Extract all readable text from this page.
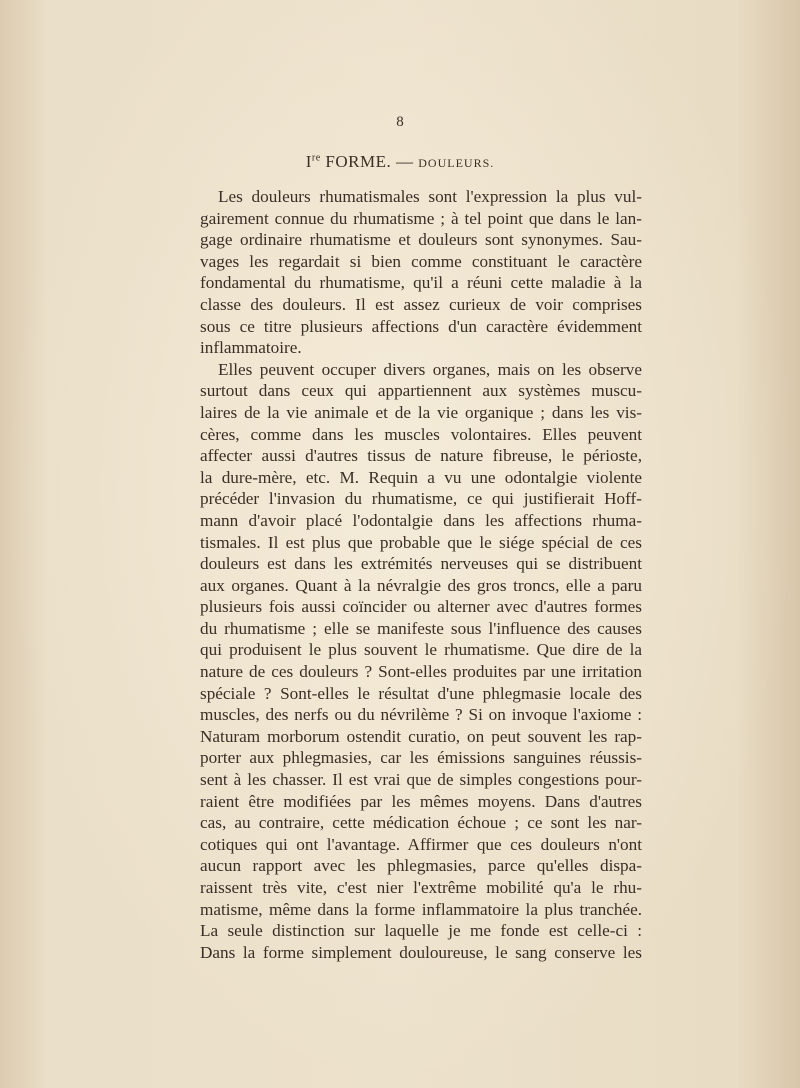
8
Ire FORME. — DOULEURS.
Les douleurs rhumatismales sont l'expression la plus vul-
gairement connue du rhumatisme ; à tel point que dans le lan-
gage ordinaire rhumatisme et douleurs sont synonymes. Sau-
vages les regardait si bien comme constituant le caractère
fondamental du rhumatisme, qu'il a réuni cette maladie à la
classe des douleurs. Il est assez curieux de voir comprises
sous ce titre plusieurs affections d'un caractère évidemment
inflammatoire.
Elles peuvent occuper divers organes, mais on les observe
surtout dans ceux qui appartiennent aux systèmes muscu-
laires de la vie animale et de la vie organique ; dans les vis-
cères, comme dans les muscles volontaires. Elles peuvent
affecter aussi d'autres tissus de nature fibreuse, le périoste,
la dure-mère, etc. M. Requin a vu une odontalgie violente
précéder l'invasion du rhumatisme, ce qui justifierait Hoff-
mann d'avoir placé l'odontalgie dans les affections rhuma-
tismales. Il est plus que probable que le siége spécial de ces
douleurs est dans les extrémités nerveuses qui se distribuent
aux organes. Quant à la névralgie des gros troncs, elle a paru
plusieurs fois aussi coïncider ou alterner avec d'autres formes
du rhumatisme ; elle se manifeste sous l'influence des causes
qui produisent le plus souvent le rhumatisme. Que dire de la
nature de ces douleurs ? Sont-elles produites par une irritation
spéciale ? Sont-elles le résultat d'une phlegmasie locale des
muscles, des nerfs ou du névrilème ? Si on invoque l'axiome :
Naturam morborum ostendit curatio, on peut souvent les rap-
porter aux phlegmasies, car les émissions sanguines réussis-
sent à les chasser. Il est vrai que de simples congestions pour-
raient être modifiées par les mêmes moyens. Dans d'autres
cas, au contraire, cette médication échoue ; ce sont les nar-
cotiques qui ont l'avantage. Affirmer que ces douleurs n'ont
aucun rapport avec les phlegmasies, parce qu'elles dispa-
raissent très vite, c'est nier l'extrême mobilité qu'a le rhu-
matisme, même dans la forme inflammatoire la plus tranchée.
La seule distinction sur laquelle je me fonde est celle-ci :
Dans la forme simplement douloureuse, le sang conserve les
